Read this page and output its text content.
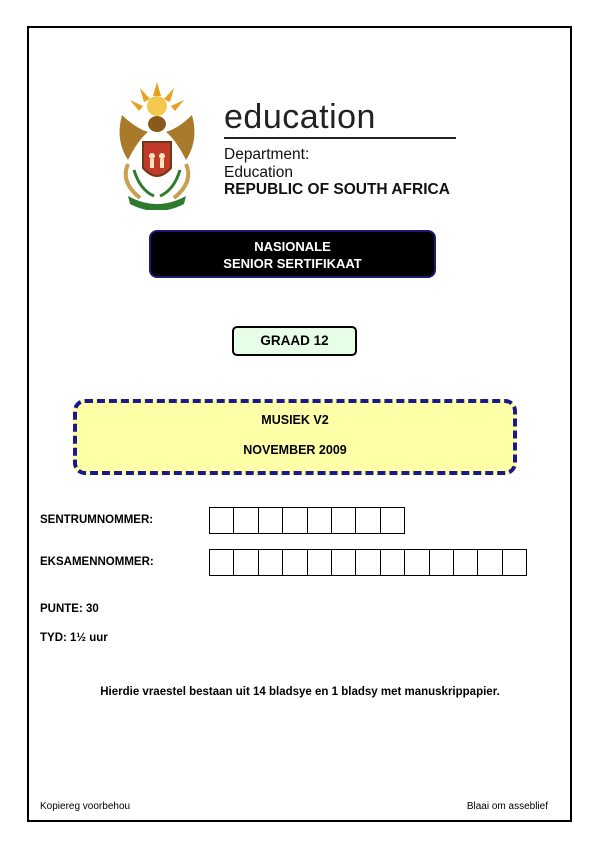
education
Department:
Education
REPUBLIC OF SOUTH AFRICA
NASIONALE
SENIOR SERTIFIKAAT
GRAAD 12
MUSIEK V2
NOVEMBER 2009
SENTRUMNOMMER:
EKSAMENNOMMER:
PUNTE: 30
TYD: 1½ uur
Hierdie vraestel bestaan uit 14 bladsye en 1 bladsy met manuskrippapier.
Kopiereg voorbehou	Blaai om asseblief
